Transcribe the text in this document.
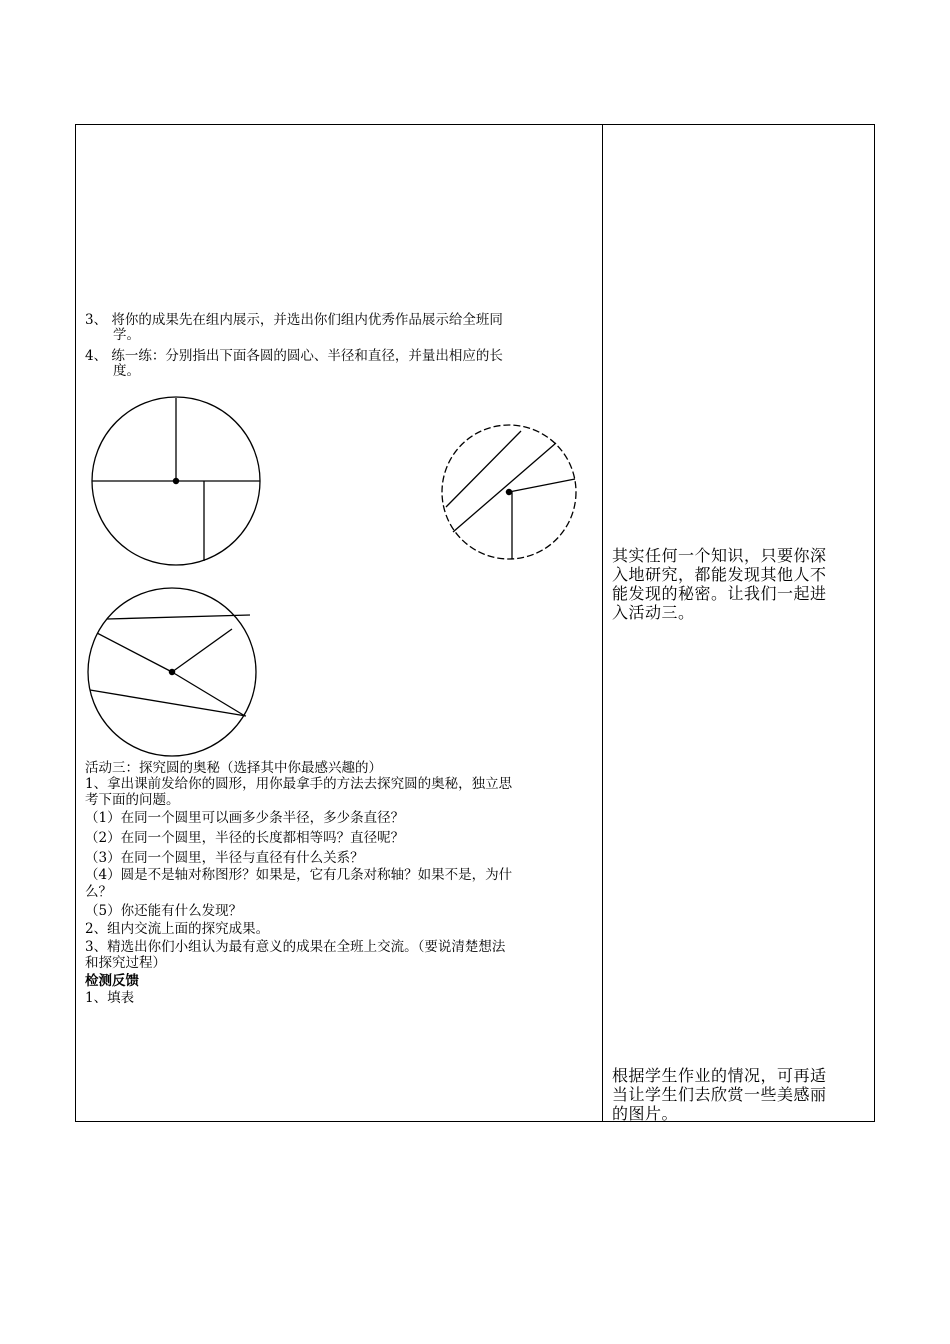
3、 将你的成果先在组内展示，并选出你们组内优秀作品展示给全班同
学。
4、 练一练：分别指出下面各圆的圆心、半径和直径，并量出相应的长
度。
活动三：探究圆的奥秘（选择其中你最感兴趣的）
1、拿出课前发给你的圆形，用你最拿手的方法去探究圆的奥秘，独立思
考下面的问题。
（1）在同一个圆里可以画多少条半径，多少条直径？
（2）在同一个圆里，半径的长度都相等吗？直径呢？
（3）在同一个圆里，半径与直径有什么关系？
（4）圆是不是轴对称图形？如果是，它有几条对称轴？如果不是，为什
么？
（5）你还能有什么发现？
2、组内交流上面的探究成果。
3、精选出你们小组认为最有意义的成果在全班上交流。（要说清楚想法
和探究过程）
检测反馈
1、填表
其实任何一个知识，只要你深
入地研究，都能发现其他人不
能发现的秘密。让我们一起进
入活动三。
根据学生作业的情况，可再适
当让学生们去欣赏一些美感丽
的图片。
